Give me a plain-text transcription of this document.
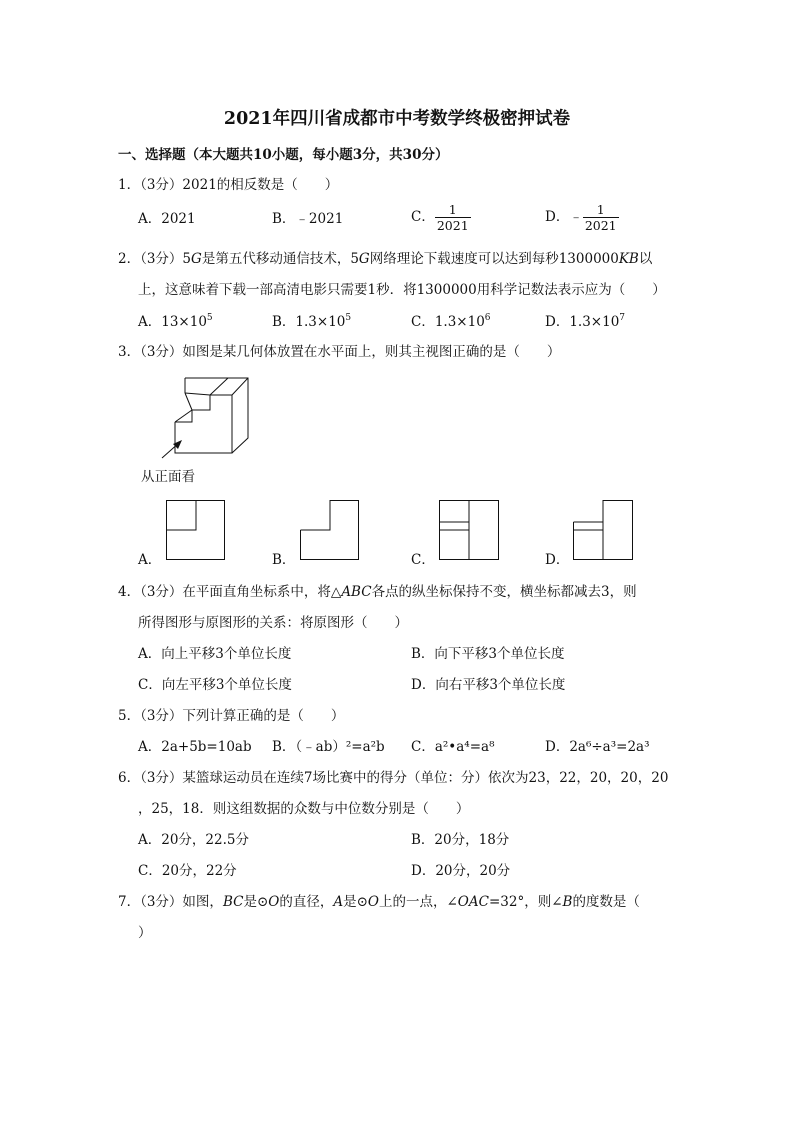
2021年四川省成都市中考数学终极密押试卷
一、选择题（本大题共10小题，每小题3分，共30分）
1．（3分）2021的相反数是（　　）
A．2021	B．﹣2021	C． $\frac{1}{2021}$	D．﹣ $\frac{1}{2021}$
2．（3分）5G是第五代移动通信技术，5G网络理论下载速度可以达到每秒1300000KB以
上，这意味着下载一部高清电影只需要1秒．将1300000用科学记数法表示应为（　　）
A．$13\times 10^5$	B．$1.3\times 10^5$	C．$1.3\times 10^6$	D．$1.3\times 10^7$
3．（3分）如图是某几何体放置在水平面上，则其主视图正确的是（　　）
从正面看
A．	B．	C．	D．
4．（3分）在平面直角坐标系中，将△ABC各点的纵坐标保持不变，横坐标都减去3，则
所得图形与原图形的关系：将原图形（　　）
A．向上平移3个单位长度	B．向下平移3个单位长度
C．向左平移3个单位长度	D．向右平移3个单位长度
5．（3分）下列计算正确的是（　　）
A．2a+5b=10ab B．（﹣ab）²=a²b C．a²•a⁴=a⁸	D．2a⁶÷a³=2a³
6．（3分）某篮球运动员在连续7场比赛中的得分（单位：分）依次为23，22，20，20，20
，25，18．则这组数据的众数与中位数分别是（　　）
A．20分，22.5分	B．20分，18分
C．20分，22分	D．20分，20分
7．（3分）如图，BC是⊙O的直径，A是⊙O上的一点，∠OAC=32°，则∠B的度数是（
）
